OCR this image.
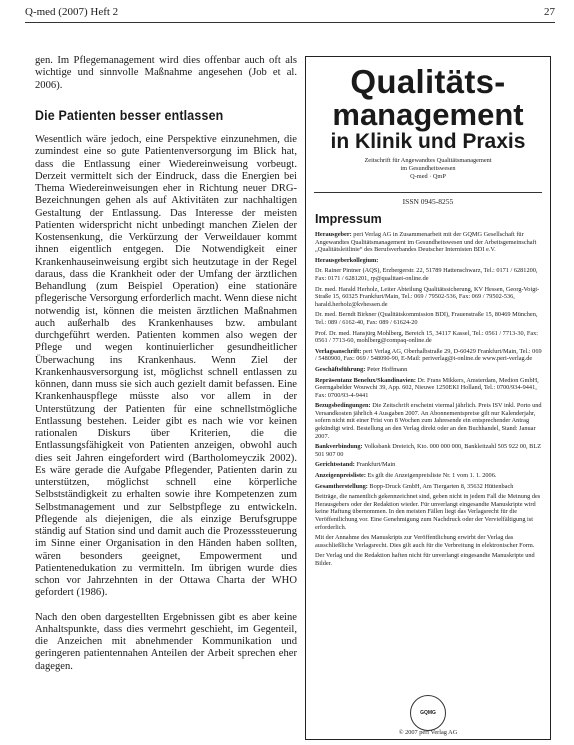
Q-med (2007) Heft 2	27

gen. Im Pflegemanagement wird dies offenbar auch oft als wichtige und sinnvolle Maßnahme angesehen (Job et al. 2006).

Die Patienten besser entlassen

Wesentlich wäre jedoch, eine Perspektive einzunehmen, die zumindest eine so gute Patientenversorgung im Blick hat, dass die Entlassung einer Wiedereinweisung vorbeugt. Derzeit vermittelt sich der Eindruck, dass die Energien bei Thema Wiedereinweisungen eher in Richtung neuer DRG-Bezeichnungen gehen als auf Aktivitäten zur nachhaltigen Gestaltung der Entlassung. Das Interesse der meisten Patienten widerspricht nicht unbedingt manchen Zielen der Kostensenkung, die Verkürzung der Verweildauer kommt ihnen eigentlich entgegen. Die Notwendigkeit einer Krankenhauseinweisung ergibt sich heutzutage in der Regel daraus, dass die Krankheit oder der Umfang der ärztlichen Behandlung (zum Beispiel Operation) eine stationäre pflegerische Versorgung erforderlich macht. Wenn diese nicht notwendig ist, können die meisten ärztlichen Maßnahmen auch außerhalb des Krankenhauses bzw. ambulant durchgeführt werden. Patienten kommen also wegen der Pflege und wegen kontinuierlicher gesundheitlicher Überwachung ins Krankenhaus. Wenn Ziel der Krankenhausversorgung ist, möglichst schnell entlassen zu können, dann muss sie sich auch gezielt damit befassen. Eine Krankenhauspflege müsste also vor allem in der Unterstützung der Patienten für eine schnellstmögliche Entlassung bestehen. Leider gibt es nach wie vor keinen rationalen Diskurs über Kriterien, die die Entlassungsfähigkeit von Patienten anzeigen, obwohl auch dies seit Jahren eingefordert wird (Bartholomeyczik 2002). Es wäre gerade die Aufgabe Pflegender, Patienten darin zu unterstützen, möglichst schnell eine körperliche Selbstständigkeit zu erhalten sowie ihre Kompetenzen zum Selbstmanagement und zur Selbstpflege zu entwickeln. Pflegende als diejenigen, die als einzige Berufsgruppe ständig auf Station sind und damit auch die Prozesssteuerung im Sinne einer Organisation in den Händen haben sollten, wären besonders geeignet, Empowerment und Patientenedukation zu vermitteln. Im übrigen wurde dies schon vor Jahrzehnten in der Ottawa Charta der WHO gefordert (1986).

Nach den oben dargestellten Ergebnissen gibt es aber keine Anhaltspunkte, dass dies vermehrt geschieht, im Gegenteil, die Anzeichen mit abnehmender Kommunikation und geringeren patientennahen Anteilen der Arbeit sprechen eher dagegen.

Qualitäts-
management
in Klinik und Praxis
Zeitschrift für Angewandtes Qualitätsmanagement
im Gesundheitswesen
Q-med · QmP
ISSN 0945-8255
Impressum

Herausgeber: peri Verlag AG in Zusammenarbeit mit der GQMG Gesellschaft für Angewandtes Qualitätsmanagement im Gesundheitswesen und der Arbeitsgemeinschaft „Qualitätsleitlinie“ des Berufsverbandes Deutscher Internisten BDI e.V.

Herausgeberkollegium:

Dr. Rainer Pintner (AQS), Erzbergerstr. 22, 51789 Hattenschwarz, Tel.: 0171 / 6281200, Fax: 0171 / 6281201, rp@qualitaet-online.de

Dr. med. Harald Herholz, Leiter Abteilung Qualitätssicherung, KV Hessen, Georg-Voigt-Straße 15, 60325 Frankfurt/Main, Tel.: 069 / 79502-536, Fax: 069 / 79502-536, harald.herholz@kvhessen.de

Dr. med. Berndt Birkner (Qualitätskommission BDI), Frauenstraße 15, 80469 München, Tel.: 089 / 6162-40, Fax: 089 / 61624-20

Prof. Dr. med. Hansjürg Mohlberg, Bereich 15, 34117 Kassel, Tel.: 0561 / 7713-30, Fax: 0561 / 7713-60, mohlberg@compaq-online.de

Verlagsanschrift: peri Verlag AG, Oberhalbstraße 29, D-60429 Frankfurt/Main, Tel.: 069 / 5480900, Fax: 069 / 548090-90, E-Mail: periverlag@t-online.de www.peri-verlag.de

Geschäftsführung: Peter Hoffmann

Repräsentanz Benelux/Skandinavien: Dr. Frans Mikkers, Amsterdam, Medion GmbH, Geerngabelder Wouwchi 39, App. 602, Nieuwe 1250EKI Holland, Tel.: 0700/934-9441, Fax: 0700/93-4-9441

Bezugsbedingungen: Die Zeitschrift erscheint viermal jährlich. Preis ISV inkl. Porto und Versandkosten jährlich 4 Ausgaben 2007. An Abonnementspreise gilt nur Kalenderjahr, sofern nicht mit einer Frist von 8 Wochen zum Jahresende ein entsprechender Antrag gekündigt wird. Bestellung an den Verlag direkt oder an den Buchhandel, Stand: Januar 2007.

Bankverbindung: Volksbank Dreieich, Kto. 000 000 000, Bankleitzahl 505 922 00, BLZ 501 907 00

Gerichtsstand: Frankfurt/Main

Anzeigenpreisliste: Es gilt die Anzeigenpreisliste Nr. 1 vom 1. 1. 2006.

Gesamtherstellung: Bopp-Druck GmbH, Am Tiergarten 8, 35632 Hüttenbach

Beiträge, die namentlich gekennzeichnet sind, geben nicht in jedem Fall die Meinung des Herausgebers oder der Redaktion wieder. Für unverlangt eingesandte Manuskripte wird keine Haftung übernommen. In den meisten Fällen liegt das Verlagsrecht für die Veröffentlichung vor. Eine Genehmigung zum Nachdruck oder der Vervielfältigung ist erforderlich.

Mit der Annahme des Manuskripts zur Veröffentlichung erwirbt der Verlag das ausschließliche Verlagsrecht. Dies gilt auch für die Verbreitung in elektronischer Form.

Der Verlag und die Redaktion haften nicht für unverlangt eingesandte Manuskripte und Bilder.

GQMG
© 2007 peri Verlag AG
